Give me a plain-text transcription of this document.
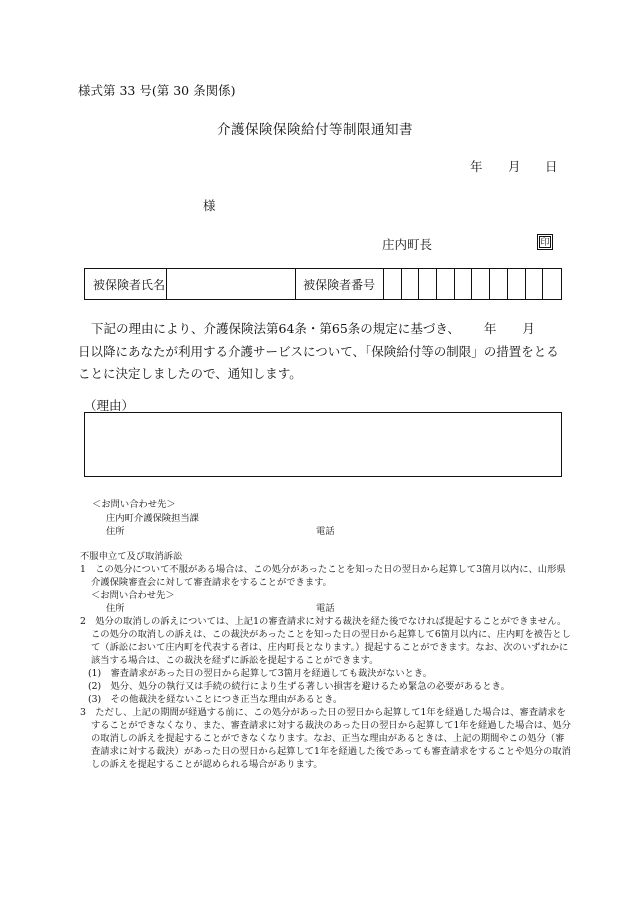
様式第 33 号(第 30 条関係)
介護保険保険給付等制限通知書
年 月 日
様
庄内町長	印
被保険者氏名	被保険者番号
下記の理由により、介護保険法第64条・第65条の規定に基づき、 年 月日以降にあなたが利用する介護サービスについて、「保険給付等の制限」の措置をとることに決定しましたので、通知します。
（理由）
＜お問い合わせ先＞
庄内町介護保険担当課
住所	電話
不服申立て及び取消訴訟

1　この処分について不服がある場合は、この処分があったことを知った日の翌日から起算して3箇月以内に、山形県介護保険審査会に対して審査請求をすることができます。

＜お問い合わせ先＞

住所	電話

2　処分の取消しの訴えについては、上記1の審査請求に対する裁決を経た後でなければ提起することができません。この処分の取消しの訴えは、この裁決があったことを知った日の翌日から起算して6箇月以内に、庄内町を被告として（訴訟において庄内町を代表する者は、庄内町長となります。）提起することができます。なお、次のいずれかに該当する場合は、この裁決を経ずに訴訟を提起することができます。

(1)　審査請求があった日の翌日から起算して3箇月を経過しても裁決がないとき。

(2)　処分、処分の執行又は手続の続行により生ずる著しい損害を避けるため緊急の必要があるとき。

(3)　その他裁決を経ないことにつき正当な理由があるとき。

3　ただし、上記の期間が経過する前に、この処分があった日の翌日から起算して1年を経過した場合は、審査請求をすることができなくなり、また、審査請求に対する裁決のあった日の翌日から起算して1年を経過した場合は、処分の取消しの訴えを提起することができなくなります。なお、正当な理由があるときは、上記の期間やこの処分（審査請求に対する裁決）があった日の翌日から起算して1年を経過した後であっても審査請求をすることや処分の取消しの訴えを提起することが認められる場合があります。
